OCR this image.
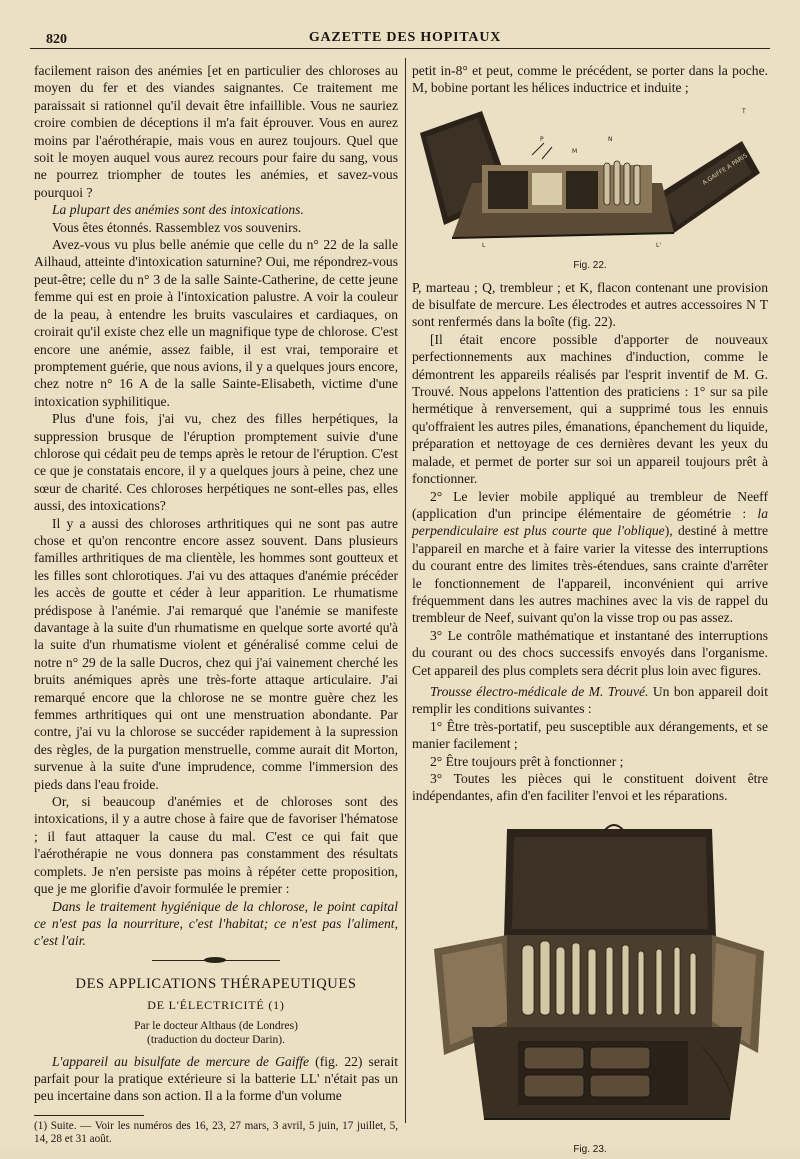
820	GAZETTE DES HOPITAUX

facilement raison des anémies [et en particulier des chloroses au moyen du fer et des viandes saignantes. Ce traitement me paraissait si rationnel qu'il devait être infaillible. Vous ne sauriez croire combien de déceptions il m'a fait éprouver. Vous en aurez moins par l'aérothérapie, mais vous en aurez toujours. Quel que soit le moyen auquel vous aurez recours pour faire du sang, vous ne pourrez triompher de toutes les anémies, et savez-vous pourquoi ?

La plupart des anémies sont des intoxications.

Vous êtes étonnés. Rassemblez vos souvenirs.

Avez-vous vu plus belle anémie que celle du n° 22 de la salle Ailhaud, atteinte d'intoxication saturnine? Oui, me répondrez-vous peut-être; celle du n° 3 de la salle Sainte-Catherine, de cette jeune femme qui est en proie à l'intoxication palustre. A voir la couleur de la peau, à entendre les bruits vasculaires et cardiaques, on croirait qu'il existe chez elle un magnifique type de chlorose. C'est encore une anémie, assez faible, il est vrai, temporaire et promptement guérie, que nous avions, il y a quelques jours encore, chez notre n° 16 A de la salle Sainte-Elisabeth, victime d'une intoxication syphilitique.

Plus d'une fois, j'ai vu, chez des filles herpétiques, la suppression brusque de l'éruption promptement suivie d'une chlorose qui cédait peu de temps après le retour de l'éruption. C'est ce que je constatais encore, il y a quelques jours à peine, chez une sœur de charité. Ces chloroses herpétiques ne sont-elles pas, elles aussi, des intoxications?

Il y a aussi des chloroses arthritiques qui ne sont pas autre chose et qu'on rencontre encore assez souvent. Dans plusieurs familles arthritiques de ma clientèle, les hommes sont goutteux et les filles sont chlorotiques. J'ai vu des attaques d'anémie précéder les accès de goutte et céder à leur apparition. Le rhumatisme prédispose à l'anémie. J'ai remarqué que l'anémie se manifeste davantage à la suite d'un rhumatisme en quelque sorte avorté qu'à la suite d'un rhumatisme violent et généralisé comme celui de notre n° 29 de la salle Ducros, chez qui j'ai vainement cherché les bruits anémiques après une très-forte attaque articulaire. J'ai remarqué encore que la chlorose ne se montre guère chez les femmes arthritiques qui ont une menstruation abondante. Par contre, j'ai vu la chlorose se succéder rapidement à la supression des règles, de la purgation menstruelle, comme aurait dit Morton, survenue à la suite d'une imprudence, comme l'immersion des pieds dans l'eau froide.

Or, si beaucoup d'anémies et de chloroses sont des intoxications, il y a autre chose à faire que de favoriser l'hématose ; il faut attaquer la cause du mal. C'est ce qui fait que l'aérothérapie ne vous donnera pas constamment des résultats complets. Je n'en persiste pas moins à répéter cette proposition, que je me glorifie d'avoir formulée le premier :

Dans le traitement hygiénique de la chlorose, le point capital ce n'est pas la nourriture, c'est l'habitat; ce n'est pas l'aliment, c'est l'air.

DES APPLICATIONS THÉRAPEUTIQUES
DE L'ÉLECTRICITÉ (1)
Par le docteur Althaus (de Londres)
(traduction du docteur Darin).

L'appareil au bisulfate de mercure de Gaiffe (fig. 22) serait parfait pour la pratique extérieure si la batterie LL' n'était pas un peu incertaine dans son action. Il a la forme d'un volume

(1) Suite. — Voir les numéros des 16, 23, 27 mars, 3 avril, 5 juin, 17 juillet, 5, 14, 28 et 31 août.

petit in-8° et peut, comme le précédent, se porter dans la poche. M, bobine portant les hélices inductrice et induite ;

A.GAIFFE A PARIS
L	L'
T
N
P
M
Fig. 22.

P, marteau ; Q, trembleur ; et K, flacon contenant une provision de bisulfate de mercure. Les électrodes et autres accessoires N T sont renfermés dans la boîte (fig. 22).

[Il était encore possible d'apporter de nouveaux perfectionnements aux machines d'induction, comme le démontrent les appareils réalisés par l'esprit inventif de M. G. Trouvé. Nous appelons l'attention des praticiens : 1° sur sa pile hermétique à renversement, qui a supprimé tous les ennuis qu'offraient les autres piles, émanations, épanchement du liquide, préparation et nettoyage de ces dernières devant les yeux du malade, et permet de porter sur soi un appareil toujours prêt à fonctionner.

2° Le levier mobile appliqué au trembleur de Neeff (application d'un principe élémentaire de géométrie : la perpendiculaire est plus courte que l'oblique), destiné à mettre l'appareil en marche et à faire varier la vitesse des interruptions du courant entre des limites très-étendues, sans crainte d'arrêter le fonctionnement de l'appareil, inconvénient qui arrive fréquemment dans les autres machines avec la vis de rappel du trembleur de Neef, suivant qu'on la visse trop ou pas assez.

3° Le contrôle mathématique et instantané des interruptions du courant ou des chocs successifs envoyés dans l'organisme. Cet appareil des plus complets sera décrit plus loin avec figures.

Trousse électro-médicale de M. Trouvé. Un bon appareil doit remplir les conditions suivantes :

1° Être très-portatif, peu susceptible aux dérangements, et se manier facilement ;

2° Être toujours prêt à fonctionner ;

3° Toutes les pièces qui le constituent doivent être indépendantes, afin d'en faciliter l'envoi et les réparations.

Fig. 23.
